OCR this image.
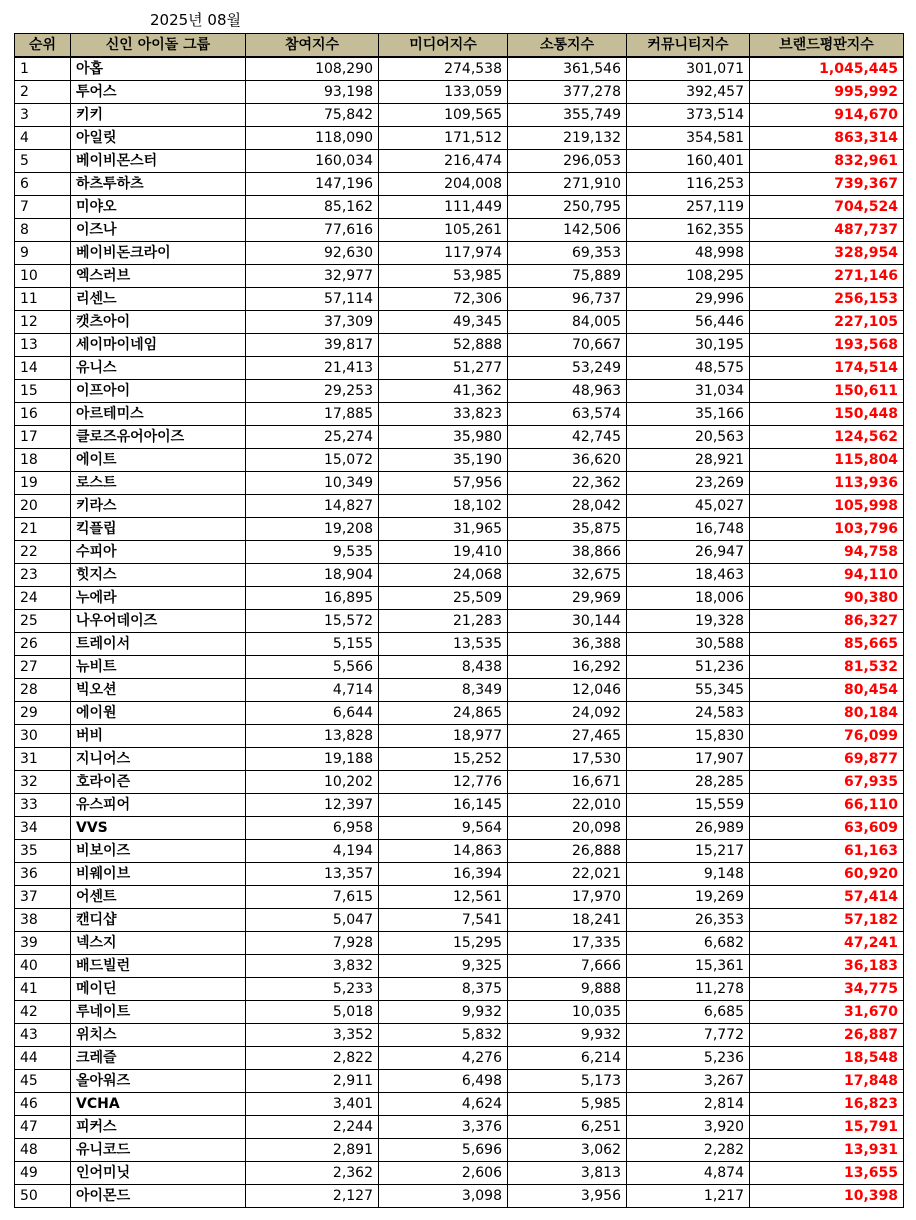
2025년 08월
순위	신인 아이돌 그룹	참여지수	미디어지수	소통지수	커뮤니티지수	브랜드평판지수
1	아홉	108,290	274,538	361,546	301,071	1,045,445
2	투어스	93,198	133,059	377,278	392,457	995,992
3	키키	75,842	109,565	355,749	373,514	914,670
4	아일릿	118,090	171,512	219,132	354,581	863,314
5	베이비몬스터	160,034	216,474	296,053	160,401	832,961
6	하츠투하츠	147,196	204,008	271,910	116,253	739,367
7	미야오	85,162	111,449	250,795	257,119	704,524
8	이즈나	77,616	105,261	142,506	162,355	487,737
9	베이비돈크라이	92,630	117,974	69,353	48,998	328,954
10	엑스러브	32,977	53,985	75,889	108,295	271,146
11	리센느	57,114	72,306	96,737	29,996	256,153
12	캣츠아이	37,309	49,345	84,005	56,446	227,105
13	세이마이네임	39,817	52,888	70,667	30,195	193,568
14	유니스	21,413	51,277	53,249	48,575	174,514
15	이프아이	29,253	41,362	48,963	31,034	150,611
16	아르테미스	17,885	33,823	63,574	35,166	150,448
17	클로즈유어아이즈	25,274	35,980	42,745	20,563	124,562
18	에이트	15,072	35,190	36,620	28,921	115,804
19	로스트	10,349	57,956	22,362	23,269	113,936
20	키라스	14,827	18,102	28,042	45,027	105,998
21	킥플립	19,208	31,965	35,875	16,748	103,796
22	수피아	9,535	19,410	38,866	26,947	94,758
23	힛지스	18,904	24,068	32,675	18,463	94,110
24	누에라	16,895	25,509	29,969	18,006	90,380
25	나우어데이즈	15,572	21,283	30,144	19,328	86,327
26	트레이서	5,155	13,535	36,388	30,588	85,665
27	뉴비트	5,566	8,438	16,292	51,236	81,532
28	빅오션	4,714	8,349	12,046	55,345	80,454
29	에이원	6,644	24,865	24,092	24,583	80,184
30	버비	13,828	18,977	27,465	15,830	76,099
31	지니어스	19,188	15,252	17,530	17,907	69,877
32	호라이즌	10,202	12,776	16,671	28,285	67,935
33	유스피어	12,397	16,145	22,010	15,559	66,110
34	VVS	6,958	9,564	20,098	26,989	63,609
35	비보이즈	4,194	14,863	26,888	15,217	61,163
36	비웨이브	13,357	16,394	22,021	9,148	60,920
37	어센트	7,615	12,561	17,970	19,269	57,414
38	캔디샵	5,047	7,541	18,241	26,353	57,182
39	넥스지	7,928	15,295	17,335	6,682	47,241
40	배드빌런	3,832	9,325	7,666	15,361	36,183
41	메이딘	5,233	8,375	9,888	11,278	34,775
42	루네이트	5,018	9,932	10,035	6,685	31,670
43	위치스	3,352	5,832	9,932	7,772	26,887
44	크레즐	2,822	4,276	6,214	5,236	18,548
45	올아워즈	2,911	6,498	5,173	3,267	17,848
46	VCHA	3,401	4,624	5,985	2,814	16,823
47	피커스	2,244	3,376	6,251	3,920	15,791
48	유니코드	2,891	5,696	3,062	2,282	13,931
49	인어미닛	2,362	2,606	3,813	4,874	13,655
50	아이몬드	2,127	3,098	3,956	1,217	10,398
